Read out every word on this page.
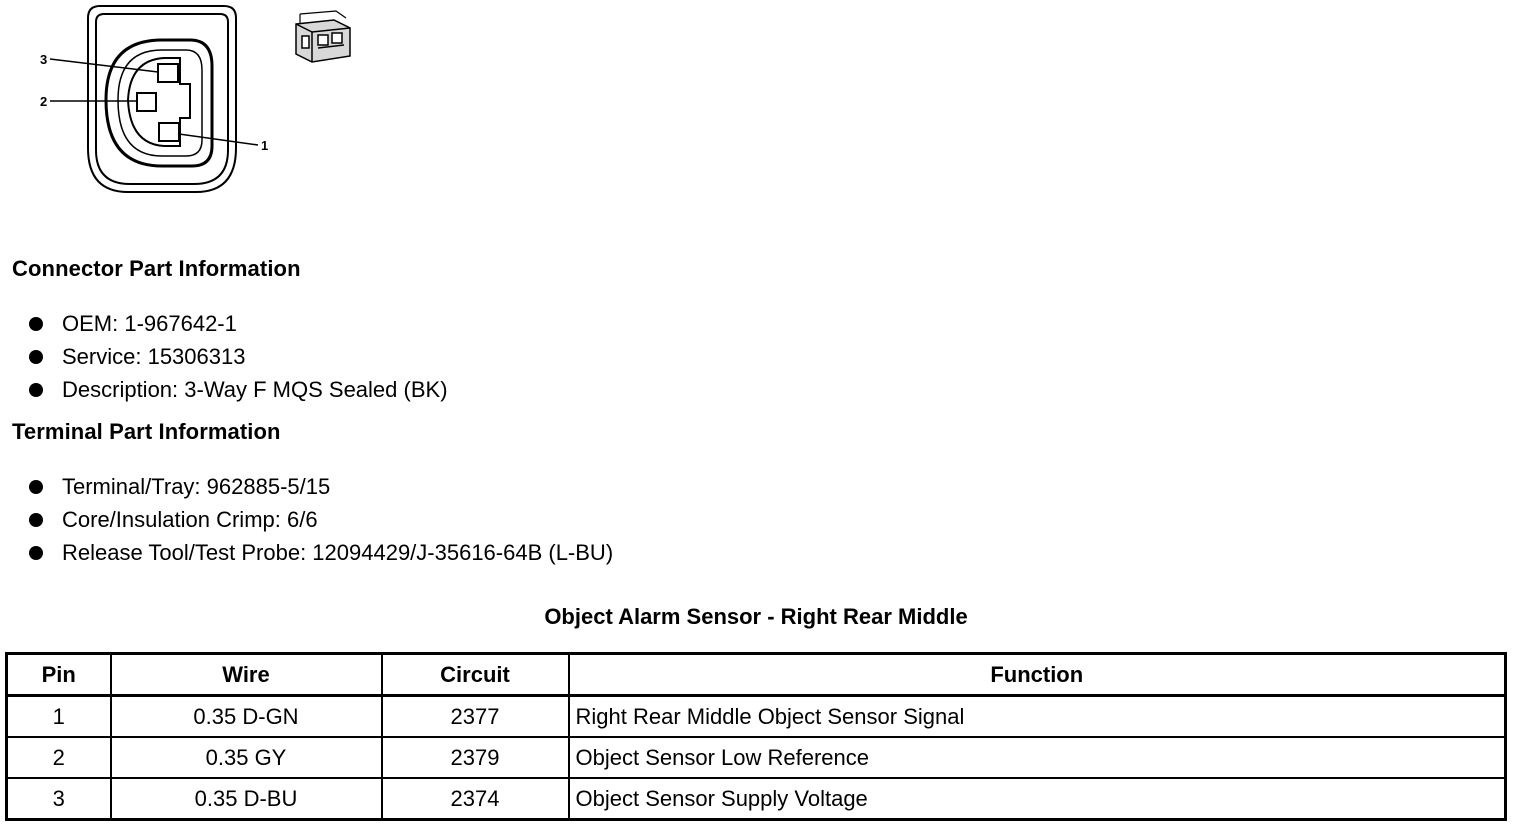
3
2
1
Connector Part Information
OEM: 1-967642-1
Service: 15306313
Description: 3-Way F MQS Sealed (BK)
Terminal Part Information
Terminal/Tray: 962885-5/15
Core/Insulation Crimp: 6/6
Release Tool/Test Probe: 12094429/J-35616-64B (L-BU)
Object Alarm Sensor - Right Rear Middle
Pin	Wire	Circuit	Function
1	0.35 D-GN	2377	Right Rear Middle Object Sensor Signal
2	0.35 GY	2379	Object Sensor Low Reference
3	0.35 D-BU	2374	Object Sensor Supply Voltage
